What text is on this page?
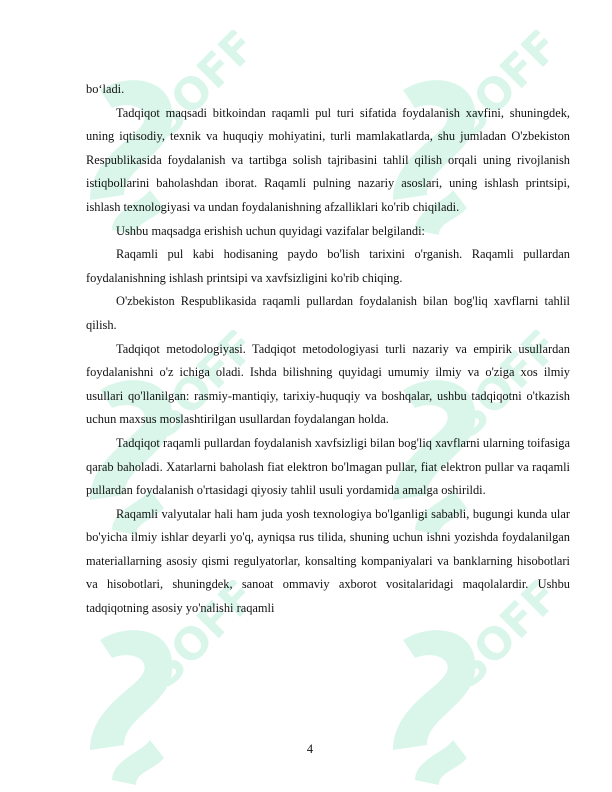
SOFF	SOFF
SOFF	SOFF
SOFF	SOFF

bo‘ladi.

Tadqiqot maqsadi bitkoindan raqamli pul turi sifatida foydalanish xavfini, shuningdek, uning iqtisodiy, texnik va huquqiy mohiyatini, turli mamlakatlarda, shu jumladan O'zbekiston Respublikasida foydalanish va tartibga solish tajribasini tahlil qilish orqali uning rivojlanish istiqbollarini baholashdan iborat. Raqamli pulning nazariy asoslari, uning ishlash printsipi, ishlash texnologiyasi va undan foydalanishning afzalliklari ko'rib chiqiladi.

Ushbu maqsadga erishish uchun quyidagi vazifalar belgilandi:

Raqamli pul kabi hodisaning paydo bo'lish tarixini o'rganish. Raqamli pullardan foydalanishning ishlash printsipi va xavfsizligini ko'rib chiqing.

O'zbekiston Respublikasida raqamli pullardan foydalanish bilan bog'liq xavflarni tahlil qilish.

Tadqiqot metodologiyasi. Tadqiqot metodologiyasi turli nazariy va empirik usullardan foydalanishni o'z ichiga oladi. Ishda bilishning quyidagi umumiy ilmiy va o'ziga xos ilmiy usullari qo'llanilgan: rasmiy-mantiqiy, tarixiy-huquqiy va boshqalar, ushbu tadqiqotni o'tkazish uchun maxsus moslashtirilgan usullardan foydalangan holda.

Tadqiqot raqamli pullardan foydalanish xavfsizligi bilan bog'liq xavflarni ularning toifasiga qarab baholadi. Xatarlarni baholash fiat elektron bo'lmagan pullar, fiat elektron pullar va raqamli pullardan foydalanish o'rtasidagi qiyosiy tahlil usuli yordamida amalga oshirildi.

Raqamli valyutalar hali ham juda yosh texnologiya bo'lganligi sababli, bugungi kunda ular bo'yicha ilmiy ishlar deyarli yo'q, ayniqsa rus tilida, shuning uchun ishni yozishda foydalanilgan materiallarning asosiy qismi regulyatorlar, konsalting kompaniyalari va banklarning hisobotlari va hisobotlari, shuningdek, sanoat ommaviy axborot vositalaridagi maqolalardir. Ushbu tadqiqotning asosiy yo'nalishi raqamli

4
